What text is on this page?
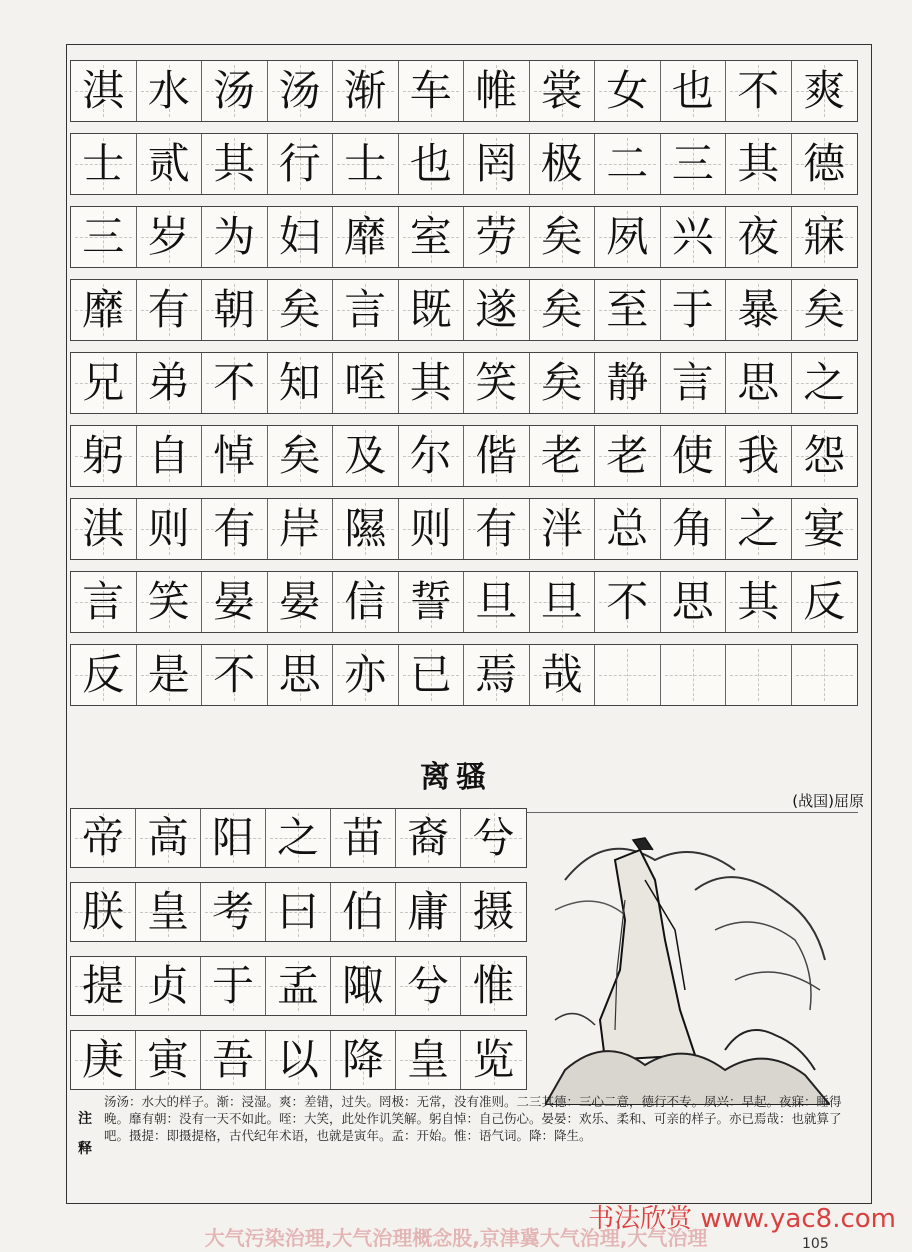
淇 水 汤 汤 渐 车 帷 裳 女 也 不 爽
士 贰 其 行 士 也 罔 极 二 三 其 德
三 岁 为 妇 靡 室 劳 矣 夙 兴 夜 寐
靡 有 朝 矣 言 既 遂 矣 至 于 暴 矣
兄 弟 不 知 咥 其 笑 矣 静 言 思 之
躬 自 悼 矣 及 尔 偕 老 老 使 我 怨
淇 则 有 岸 隰 则 有 泮 总 角 之 宴
言 笑 晏 晏 信 誓 旦 旦 不 思 其 反
反 是 不 思 亦 已 焉 哉
离骚
(战国)屈原
帝 高 阳 之 苗 裔 兮
朕 皇 考 曰 伯 庸 摄
提 贞 于 孟 陬 兮 惟
庚 寅 吾 以 降 皇 览
注
释
汤汤：水大的样子。渐：浸湿。爽：差错，过失。罔极：无常，没有准则。二三其德：三心二意，德行不专。夙兴：早起。夜寐：睡得晚。靡有朝：没有一天不如此。咥：大笑，此处作讥笑解。躬自悼：自己伤心。晏晏：欢乐、柔和、可亲的样子。亦已焉哉：也就算了吧。摄提：即摄提格，古代纪年术语，也就是寅年。孟：开始。惟：语气词。降：降生。
书法欣赏 www.yac8.com
大气污染治理,大气治理概念股,京津冀大气治理,大气治理	105
